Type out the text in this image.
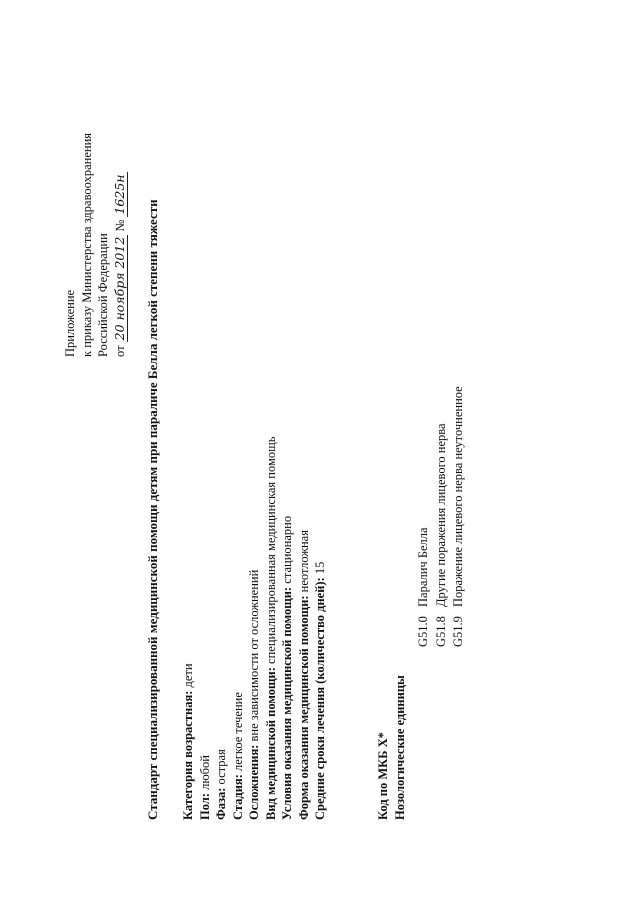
Приложение к приказу Министерства здравоохранения Российской Федерации от 20 ноября 2012 № 1625н
Стандарт специализированной медицинской помощи детям при параличе Белла легкой степени тяжести Категория возрастная: дети
Пол: любой
Фаза: острая
Стадия: легкое течение
Осложнения: вне зависимости от осложнений Вид медицинской помощи: специализированная медицинская помощь
Условия оказания медицинской помощи: стационарно
Форма оказания медицинской помощи: неотложная
Средние сроки лечения (количество дней): 15
Код по МКБ X* Нозологические единицы
G51.0Паралич Белла
G51.8Другие поражения лицевого нерва
G51.9Поражение лицевого нерва неуточненное
